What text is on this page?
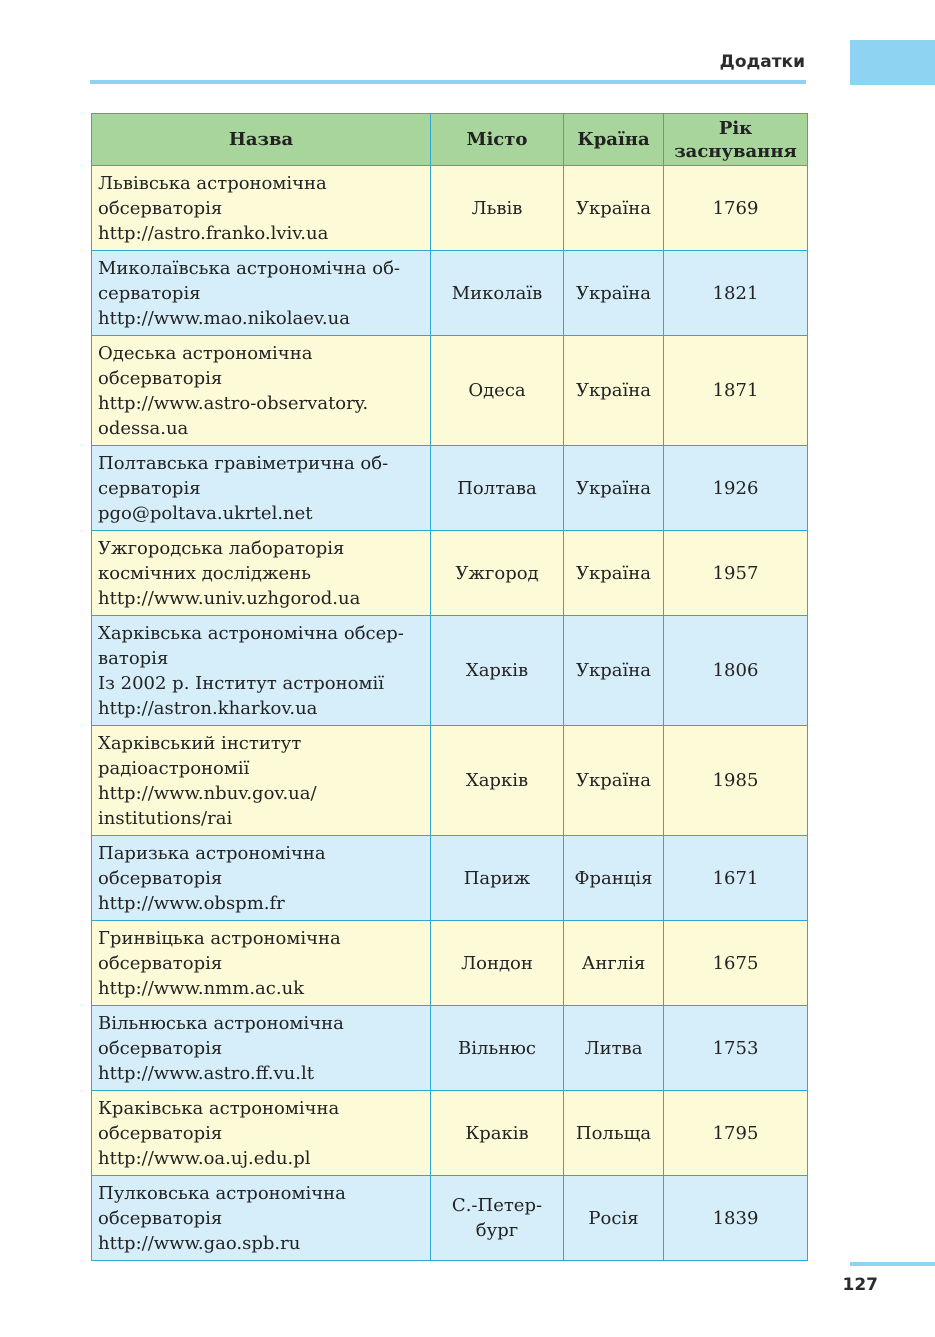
Додатки
Назва	Місто	Країна	Рік
заснування

Львівська астрономічна
обсерваторія
http://astro.franko.lviv.ua	Львів	Україна	1769

Миколаївська астрономічна об-
серваторія
http://www.mao.nikolaev.ua	Миколаїв	Україна	1821

Одеська астрономічна
обсерваторія
http://www.astro-observatory.
odessa.ua	Одеса	Україна	1871

Полтавська гравіметрична об-
серваторія
pgo@poltava.ukrtel.net	Полтава	Україна	1926

Ужгородська лабораторія
космічних досліджень
http://www.univ.uzhgorod.ua	Ужгород	Україна	1957

Харківська астрономічна обсер-
ваторія
Із 2002 р. Інститут астрономії
http://astron.kharkov.ua	Харків	Україна	1806

Харківський інститут
радіоастрономії
http://www.nbuv.gov.ua/
institutions/rai	Харків	Україна	1985

Паризька астрономічна
обсерваторія
http://www.obspm.fr	Париж	Франція	1671

Гринвіцька астрономічна
обсерваторія
http://www.nmm.ac.uk	Лондон	Англія	1675

Вільнюська астрономічна
обсерваторія
http://www.astro.ff.vu.lt	Вільнюс	Литва	1753

Краківська астрономічна
обсерваторія
http://www.oa.uj.edu.pl	Краків	Польща	1795

Пулковська астрономічна
обсерваторія
http://www.gao.spb.ru	С.-Петер-
бург	Росія	1839
127
